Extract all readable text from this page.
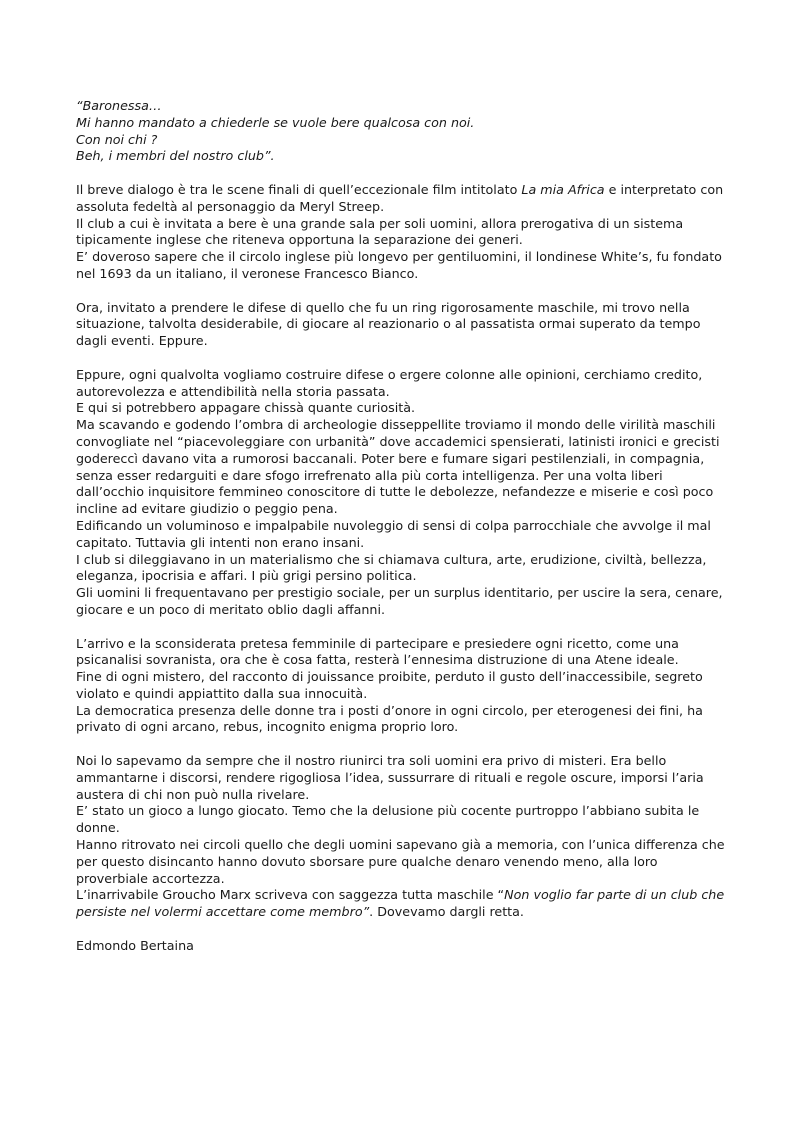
“Baronessa…

Mi hanno mandato a chiederle se vuole bere qualcosa con noi.

Con noi chi ?

Beh, i membri del nostro club”.

Il breve dialogo è tra le scene finali di quell’eccezionale film intitolato La mia Africa e interpretato con assoluta fedeltà al personaggio da Meryl Streep.

Il club a cui è invitata a bere è una grande sala per soli uomini, allora prerogativa di un sistema tipicamente inglese che riteneva opportuna la separazione dei generi.

E’ doveroso sapere che il circolo inglese più longevo per gentiluomini, il londinese White’s, fu fondato nel 1693 da un italiano, il veronese Francesco Bianco.

Ora, invitato a prendere le difese di quello che fu un ring rigorosamente maschile, mi trovo nella situazione, talvolta desiderabile, di giocare al reazionario o al passatista ormai superato da tempo dagli eventi. Eppure.

Eppure, ogni qualvolta vogliamo costruire difese o ergere colonne alle opinioni, cerchiamo credito, autorevolezza e attendibilità nella storia passata.

E qui si potrebbero appagare chissà quante curiosità.

Ma scavando e godendo l’ombra di archeologie disseppellite troviamo il mondo delle virilità maschili convogliate nel “piacevoleggiare con urbanità” dove accademici spensierati, latinisti ironici e grecisti godereccì davano vita a rumorosi baccanali. Poter bere e fumare sigari pestilenziali, in compagnia, senza esser redarguiti e dare sfogo irrefrenato alla più corta intelligenza. Per una volta liberi dall’occhio inquisitore femmineo conoscitore di tutte le debolezze, nefandezze e miserie e così poco incline ad evitare giudizio o peggio pena.

Edificando un voluminoso e impalpabile nuvoleggio di sensi di colpa parrocchiale che avvolge il mal capitato. Tuttavia gli intenti non erano insani.

I club si dileggiavano in un materialismo che si chiamava cultura, arte, erudizione, civiltà, bellezza, eleganza, ipocrisia e affari. I più grigi persino politica.

Gli uomini li frequentavano per prestigio sociale, per un surplus identitario, per uscire la sera, cenare, giocare e un poco di meritato oblio dagli affanni.

L’arrivo e la sconsiderata pretesa femminile di partecipare e presiedere ogni ricetto, come una psicanalisi sovranista, ora che è cosa fatta, resterà l’ennesima distruzione di una Atene ideale.

Fine di ogni mistero, del racconto di jouissance proibite, perduto il gusto dell’inaccessibile, segreto violato e quindi appiattito dalla sua innocuità.

La democratica presenza delle donne tra i posti d’onore in ogni circolo, per eterogenesi dei fini, ha privato di ogni arcano, rebus, incognito enigma proprio loro.

Noi lo sapevamo da sempre che il nostro riunirci tra soli uomini era privo di misteri. Era bello ammantarne i discorsi, rendere rigogliosa l’idea, sussurrare di rituali e regole oscure, imporsi l’aria austera di chi non può nulla rivelare.

E’ stato un gioco a lungo giocato. Temo che la delusione più cocente purtroppo l’abbiano subita le donne.

Hanno ritrovato nei circoli quello che degli uomini sapevano già a memoria, con l’unica differenza che per questo disincanto hanno dovuto sborsare pure qualche denaro venendo meno, alla loro proverbiale accortezza.

L’inarrivabile Groucho Marx scriveva con saggezza tutta maschile “Non voglio far parte di un club che persiste nel volermi accettare come membro”. Dovevamo dargli retta.

Edmondo Bertaina
